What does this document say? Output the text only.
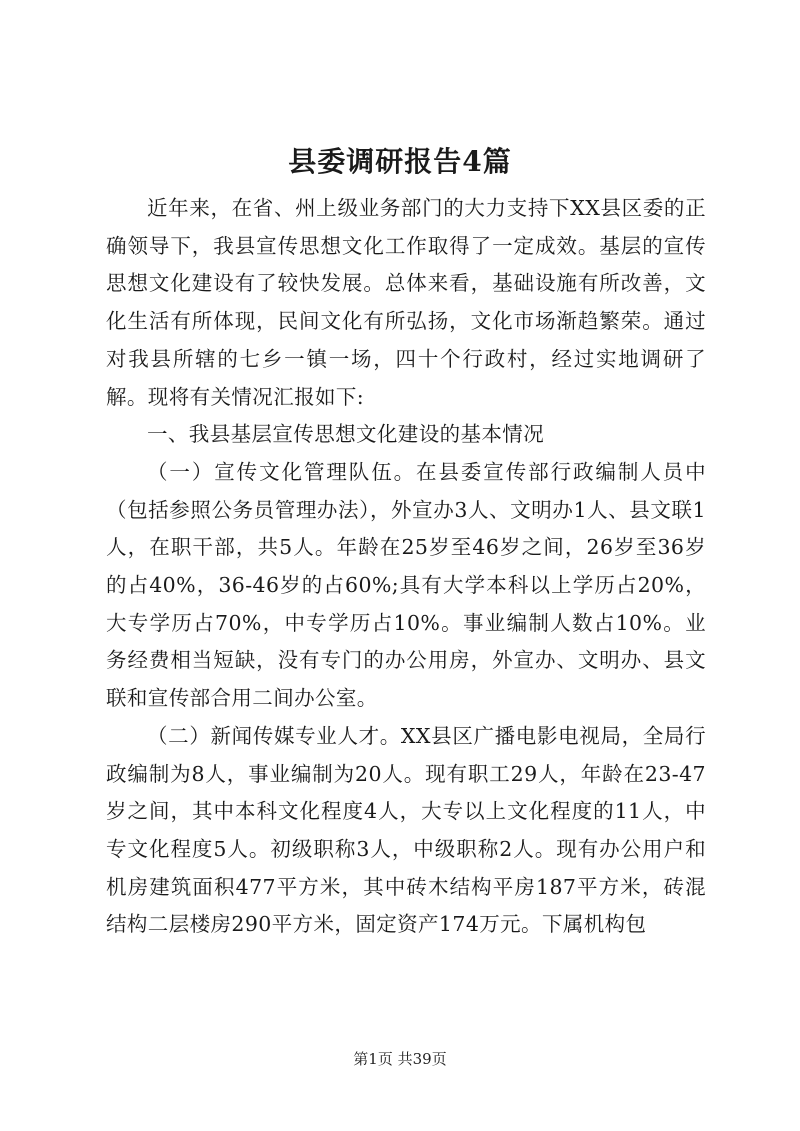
县委调研报告4篇

近年来，在省、州上级业务部门的大力支持下XX县区委的正确领导下，我县宣传思想文化工作取得了一定成效。基层的宣传思想文化建设有了较快发展。总体来看，基础设施有所改善，文化生活有所体现，民间文化有所弘扬，文化市场渐趋繁荣。通过对我县所辖的七乡一镇一场，四十个行政村，经过实地调研了解。现将有关情况汇报如下:

一、我县基层宣传思想文化建设的基本情况

（一）宣传文化管理队伍。在县委宣传部行政编制人员中（包括参照公务员管理办法），外宣办3人、文明办1人、县文联1人，在职干部，共5人。年龄在25岁至46岁之间，26岁至36岁的占40%，36-46岁的占60%;具有大学本科以上学历占20%，大专学历占70%，中专学历占10%。事业编制人数占10%。业务经费相当短缺，没有专门的办公用房，外宣办、文明办、县文联和宣传部合用二间办公室。

（二）新闻传媒专业人才。XX县区广播电影电视局，全局行政编制为8人，事业编制为20人。现有职工29人，年龄在23-47岁之间，其中本科文化程度4人，大专以上文化程度的11人，中专文化程度5人。初级职称3人，中级职称2人。现有办公用户和机房建筑面积477平方米，其中砖木结构平房187平方米，砖混结构二层楼房290平方米，固定资产174万元。下属机构包

第1页 共39页
